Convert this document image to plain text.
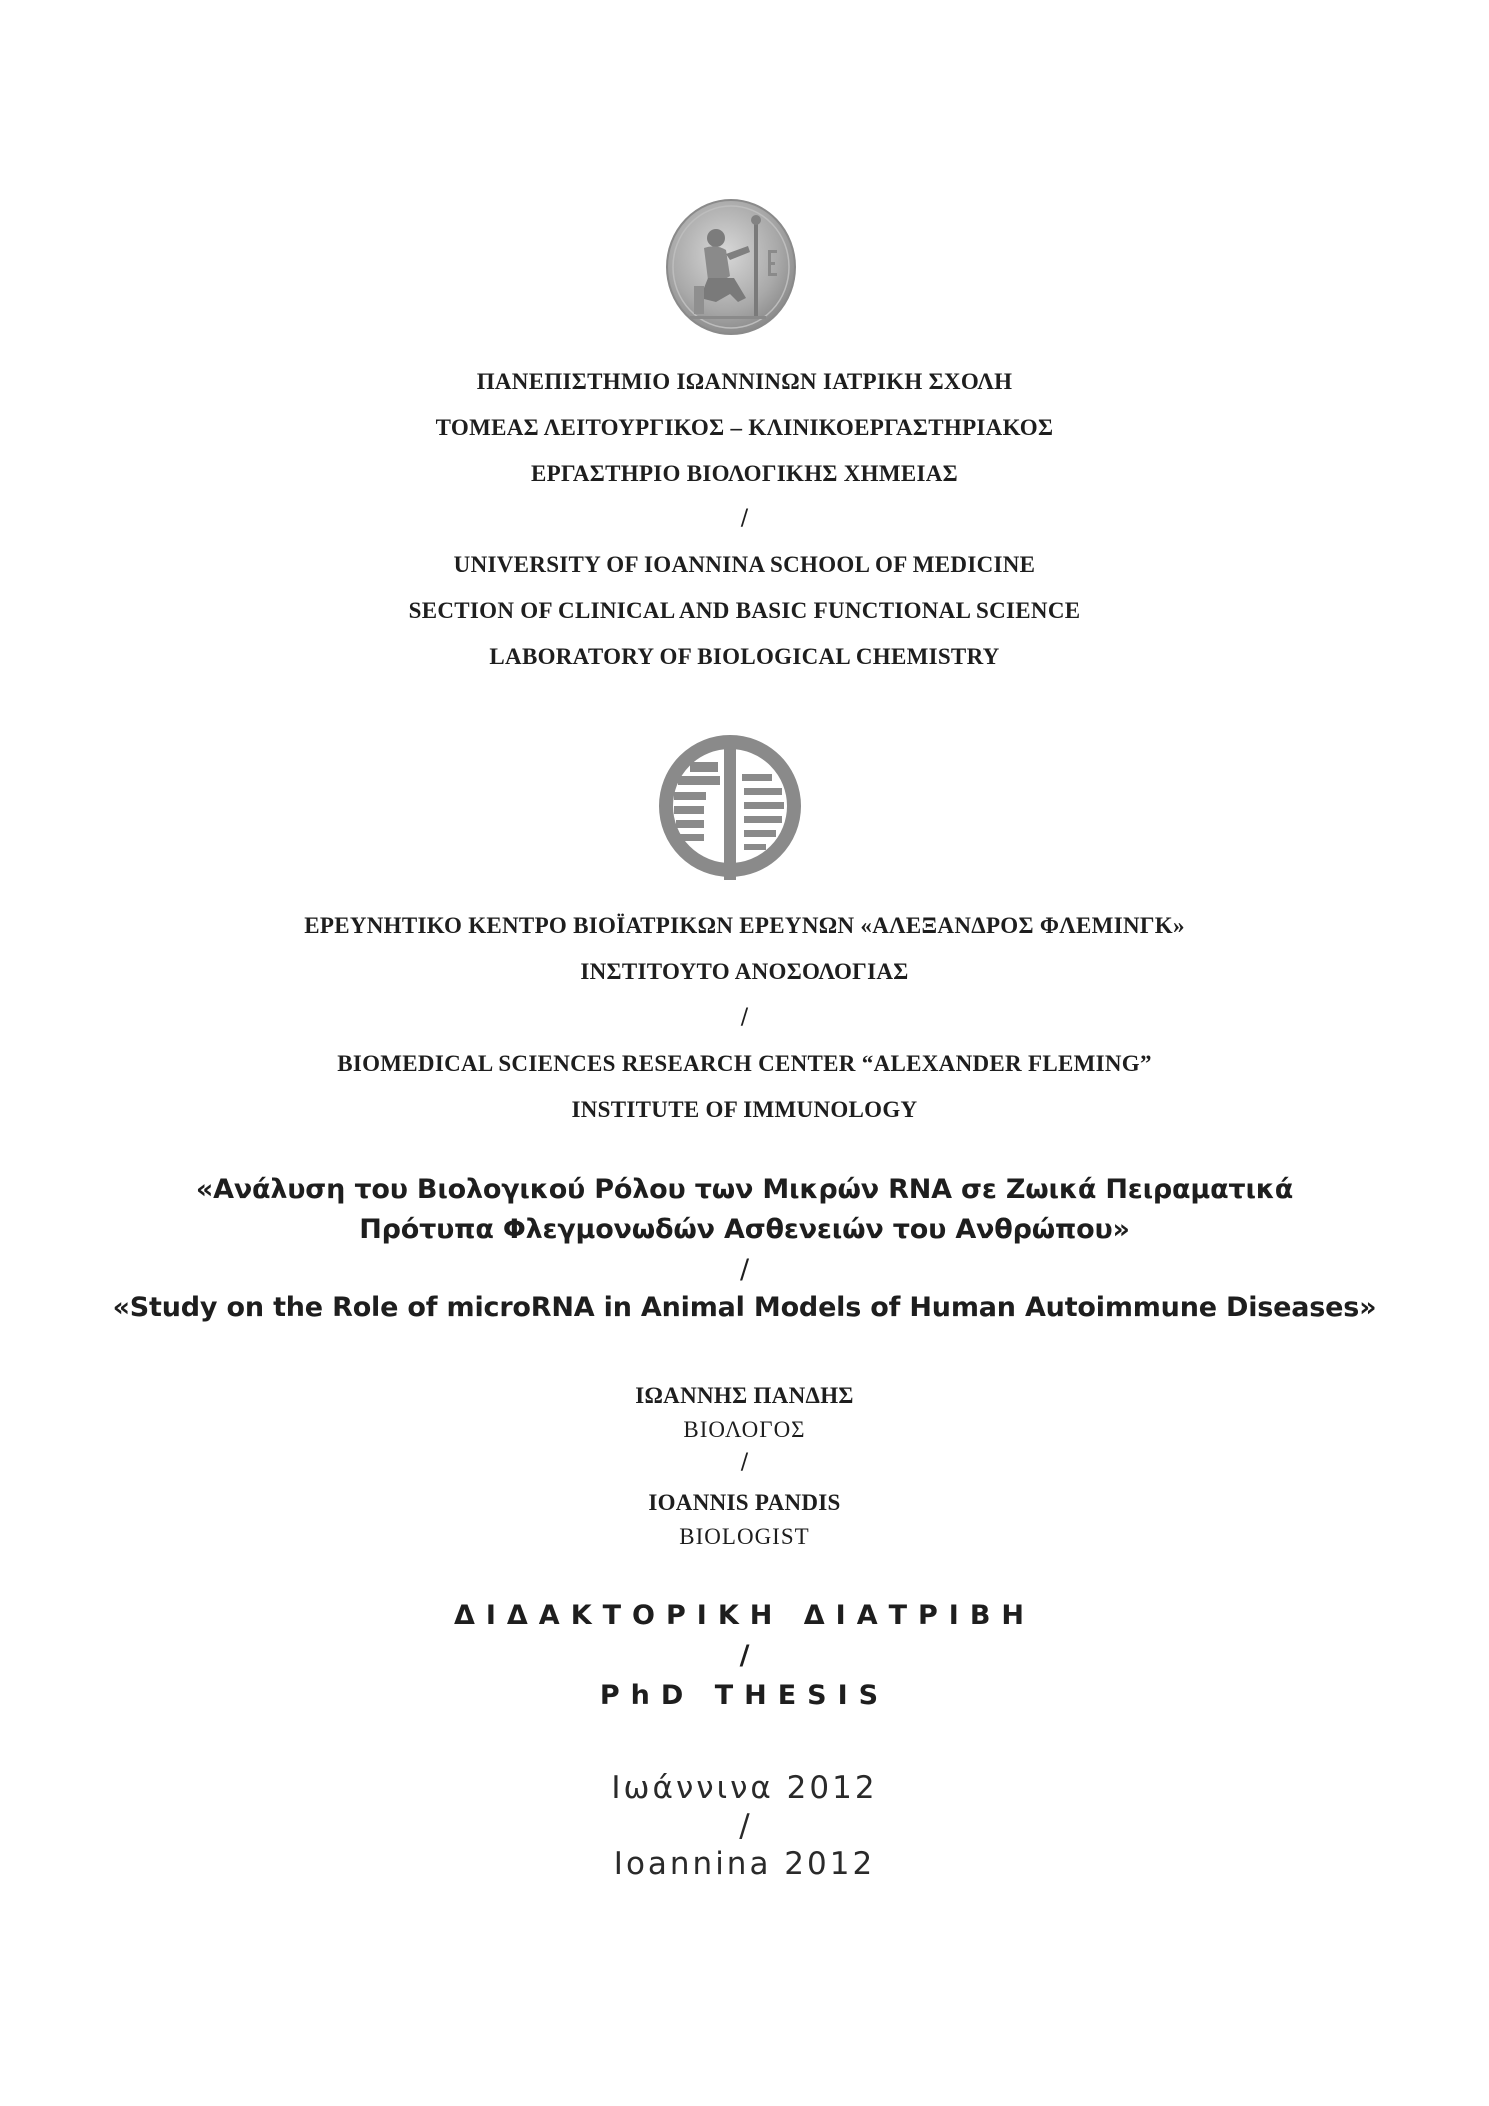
ΠΑΝΕΠΙΣΤΗΜΙΟ ΙΩΑΝΝΙΝΩΝ ΙΑΤΡΙΚΗ ΣΧΟΛΗ
ΤΟΜΕΑΣ ΛΕΙΤΟΥΡΓΙΚΟΣ – ΚΛΙΝΙΚΟΕΡΓΑΣΤΗΡΙΑΚΟΣ
ΕΡΓΑΣΤΗΡΙΟ ΒΙΟΛΟΓΙΚΗΣ ΧΗΜΕΙΑΣ
/
UNIVERSITY OF IOANNINA SCHOOL OF MEDICINE
SECTION OF CLINICAL AND BASIC FUNCTIONAL SCIENCE
LABORATORY OF BIOLOGICAL CHEMISTRY
ΕΡΕΥΝΗΤΙΚΟ ΚΕΝΤΡΟ ΒΙΟΪΑΤΡΙΚΩΝ ΕΡΕΥΝΩΝ «ΑΛΕΞΑΝΔΡΟΣ ΦΛΕΜΙΝΓΚ»
ΙΝΣΤΙΤΟΥΤΟ ΑΝΟΣΟΛΟΓΙΑΣ
/
BIOMEDICAL SCIENCES RESEARCH CENTER “ALEXANDER FLEMING”
INSTITUTE OF IMMUNOLOGY
«Ανάλυση του Βιολογικού Ρόλου των Μικρών RNA σε Ζωικά Πειραματικά
Πρότυπα Φλεγμονωδών Ασθενειών του Ανθρώπου»
/
«Study on the Role of microRNA in Animal Models of Human Autoimmune Diseases»
ΙΩΑΝΝΗΣ ΠΑΝΔΗΣ
ΒΙΟΛΟΓΟΣ
/
IOANNIS PANDIS
BIOLOGIST
ΔΙΔΑΚΤΟΡΙΚΗ ΔΙΑΤΡΙΒΗ
/
PhD THESIS
Ιωάννινα 2012
/
Ioannina 2012
